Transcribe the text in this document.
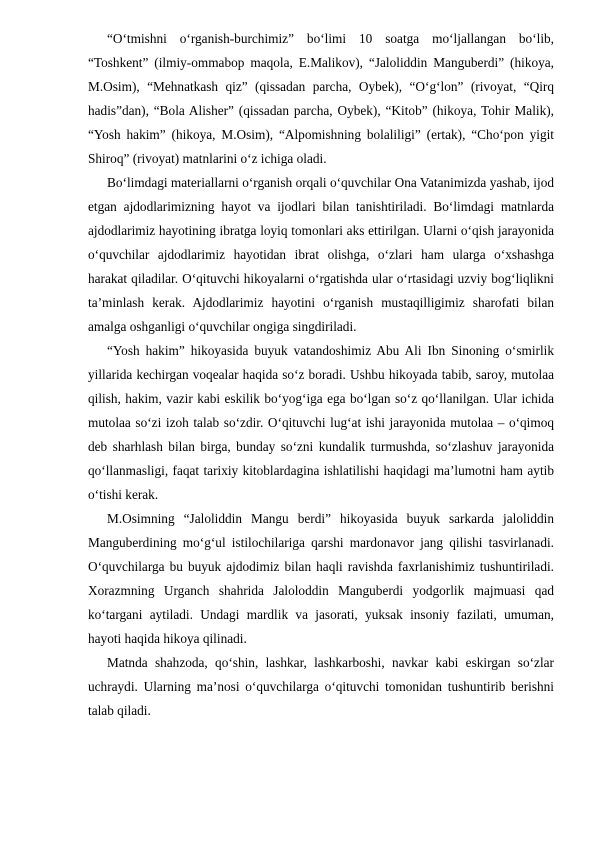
“O‘tmishni o‘rganish-burchimiz” bo‘limi 10 soatga mo‘ljallangan bo‘lib, “Toshkent” (ilmiy-ommabop maqola, E.Malikov), “Jaloliddin Manguberdi” (hikoya, M.Osim), “Mehnatkash qiz” (qissadan parcha, Oybek), “O‘g‘lon” (rivoyat, “Qirq hadis”dan), “Bola Alisher” (qissadan parcha, Oybek), “Kitob” (hikoya, Tohir Malik), “Yosh hakim” (hikoya, M.Osim), “Alpomishning bolaliligi” (ertak), “Cho‘pon yigit Shiroq” (rivoyat) matnlarini o‘z ichiga oladi.

Bo‘limdagi materiallarni o‘rganish orqali o‘quvchilar Ona Vatanimizda yashab, ijod etgan ajdodlarimizning hayot va ijodlari bilan tanishtiriladi. Bo‘limdagi matnlarda ajdodlarimiz hayotining ibratga loyiq tomonlari aks ettirilgan. Ularni o‘qish jarayonida o‘quvchilar ajdodlarimiz hayotidan ibrat olishga, o‘zlari ham ularga o‘xshashga harakat qiladilar. O‘qituvchi hikoyalarni o‘rgatishda ular o‘rtasidagi uzviy bog‘liqlikni ta’minlash kerak. Ajdodlarimiz hayotini o‘rganish mustaqilligimiz sharofati bilan amalga oshganligi o‘quvchilar ongiga singdiriladi.

“Yosh hakim” hikoyasida buyuk vatandoshimiz Abu Ali Ibn Sinoning o‘smirlik yillarida kechirgan voqealar haqida so‘z boradi. Ushbu hikoyada tabib, saroy, mutolaa qilish, hakim, vazir kabi eskilik bo‘yog‘iga ega bo‘lgan so‘z qo‘llanilgan. Ular ichida mutolaa so‘zi izoh talab so‘zdir. O‘qituvchi lug‘at ishi jarayonida mutolaa – o‘qimoq deb sharhlash bilan birga, bunday so‘zni kundalik turmushda, so‘zlashuv jarayonida qo‘llanmasligi, faqat tarixiy kitoblardagina ishlatilishi haqidagi ma’lumotni ham aytib o‘tishi kerak.

M.Osimning “Jaloliddin Mangu berdi” hikoyasida buyuk sarkarda jaloliddin Manguberdining mo‘g‘ul istilochilariga qarshi mardonavor jang qilishi tasvirlanadi. O‘quvchilarga bu buyuk ajdodimiz bilan haqli ravishda faxrlanishimiz tushuntiriladi. Xorazmning Urganch shahrida Jaloloddin Manguberdi yodgorlik majmuasi qad ko‘targani aytiladi. Undagi mardlik va jasorati, yuksak insoniy fazilati, umuman, hayoti haqida hikoya qilinadi.

Matnda shahzoda, qo‘shin, lashkar, lashkarboshi, navkar kabi eskirgan so‘zlar uchraydi. Ularning ma’nosi o‘quvchilarga o‘qituvchi tomonidan tushuntirib berishni talab qiladi.
